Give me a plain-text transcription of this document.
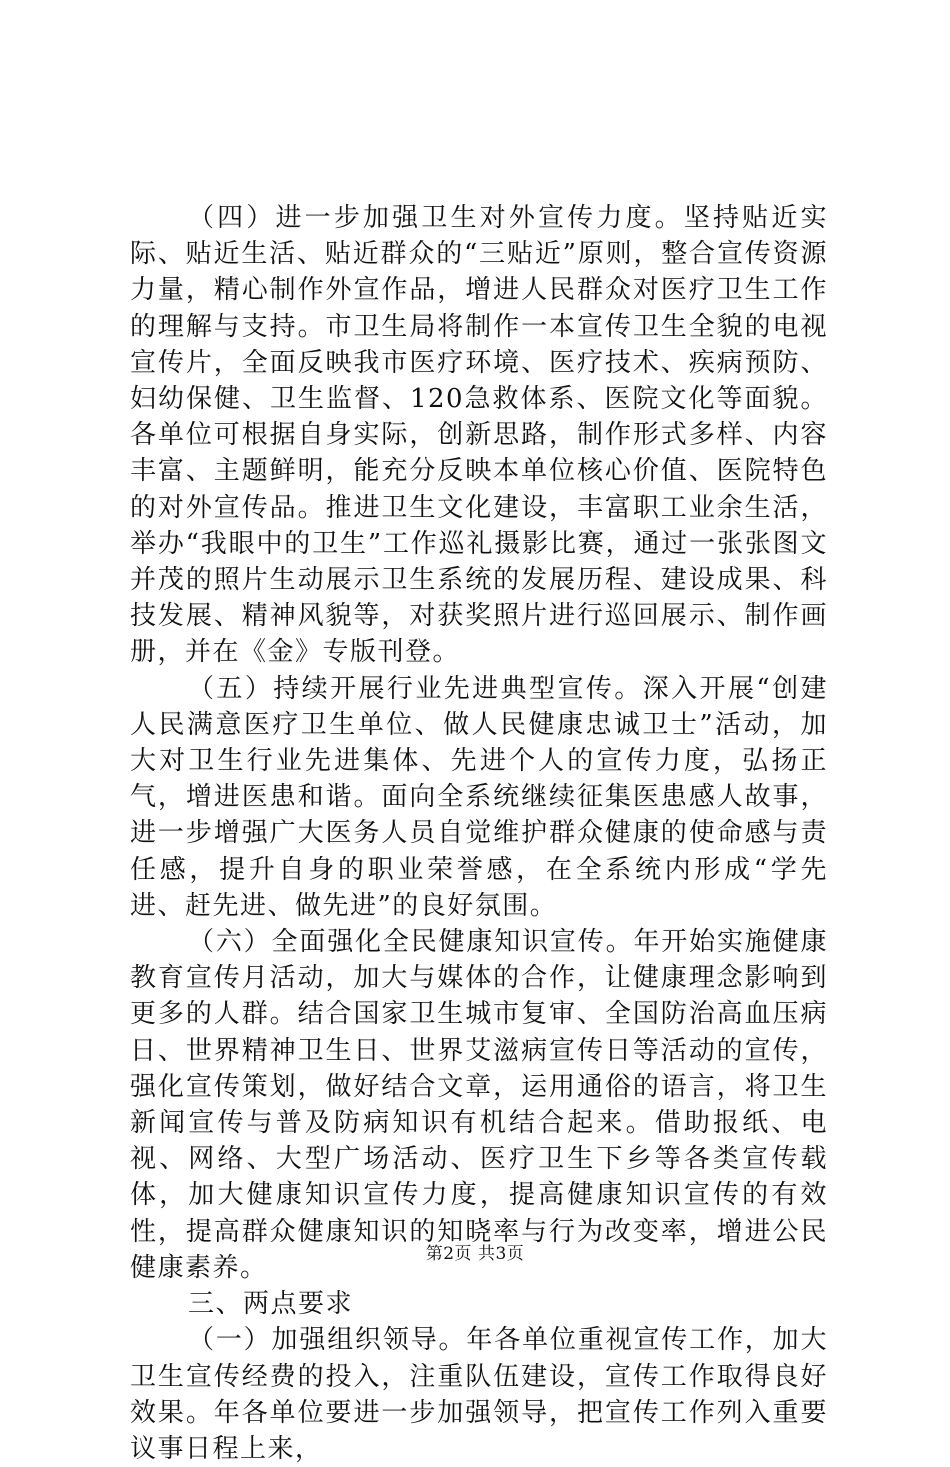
（四）进一步加强卫生对外宣传力度。坚持贴近实际、贴近生活、贴近群众的“三贴近”原则，整合宣传资源力量，精心制作外宣作品，增进人民群众对医疗卫生工作的理解与支持。市卫生局将制作一本宣传卫生全貌的电视宣传片，全面反映我市医疗环境、医疗技术、疾病预防、妇幼保健、卫生监督、120急救体系、医院文化等面貌。各单位可根据自身实际，创新思路，制作形式多样、内容丰富、主题鲜明，能充分反映本单位核心价值、医院特色的对外宣传品。推进卫生文化建设，丰富职工业余生活，举办“我眼中的卫生”工作巡礼摄影比赛，通过一张张图文并茂的照片生动展示卫生系统的发展历程、建设成果、科技发展、精神风貌等，对获奖照片进行巡回展示、制作画册，并在《金》专版刊登。

（五）持续开展行业先进典型宣传。深入开展“创建人民满意医疗卫生单位、做人民健康忠诚卫士”活动，加大对卫生行业先进集体、先进个人的宣传力度，弘扬正气，增进医患和谐。面向全系统继续征集医患感人故事，进一步增强广大医务人员自觉维护群众健康的使命感与责任感，提升自身的职业荣誉感，在全系统内形成“学先进、赶先进、做先进”的良好氛围。

（六）全面强化全民健康知识宣传。年开始实施健康教育宣传月活动，加大与媒体的合作，让健康理念影响到更多的人群。结合国家卫生城市复审、全国防治高血压病日、世界精神卫生日、世界艾滋病宣传日等活动的宣传，强化宣传策划，做好结合文章，运用通俗的语言，将卫生新闻宣传与普及防病知识有机结合起来。借助报纸、电视、网络、大型广场活动、医疗卫生下乡等各类宣传载体，加大健康知识宣传力度，提高健康知识宣传的有效性，提高群众健康知识的知晓率与行为改变率，增进公民健康素养。

三、两点要求

（一）加强组织领导。年各单位重视宣传工作，加大卫生宣传经费的投入，注重队伍建设，宣传工作取得良好效果。年各单位要进一步加强领导，把宣传工作列入重要议事日程上来，

第2页 共3页
